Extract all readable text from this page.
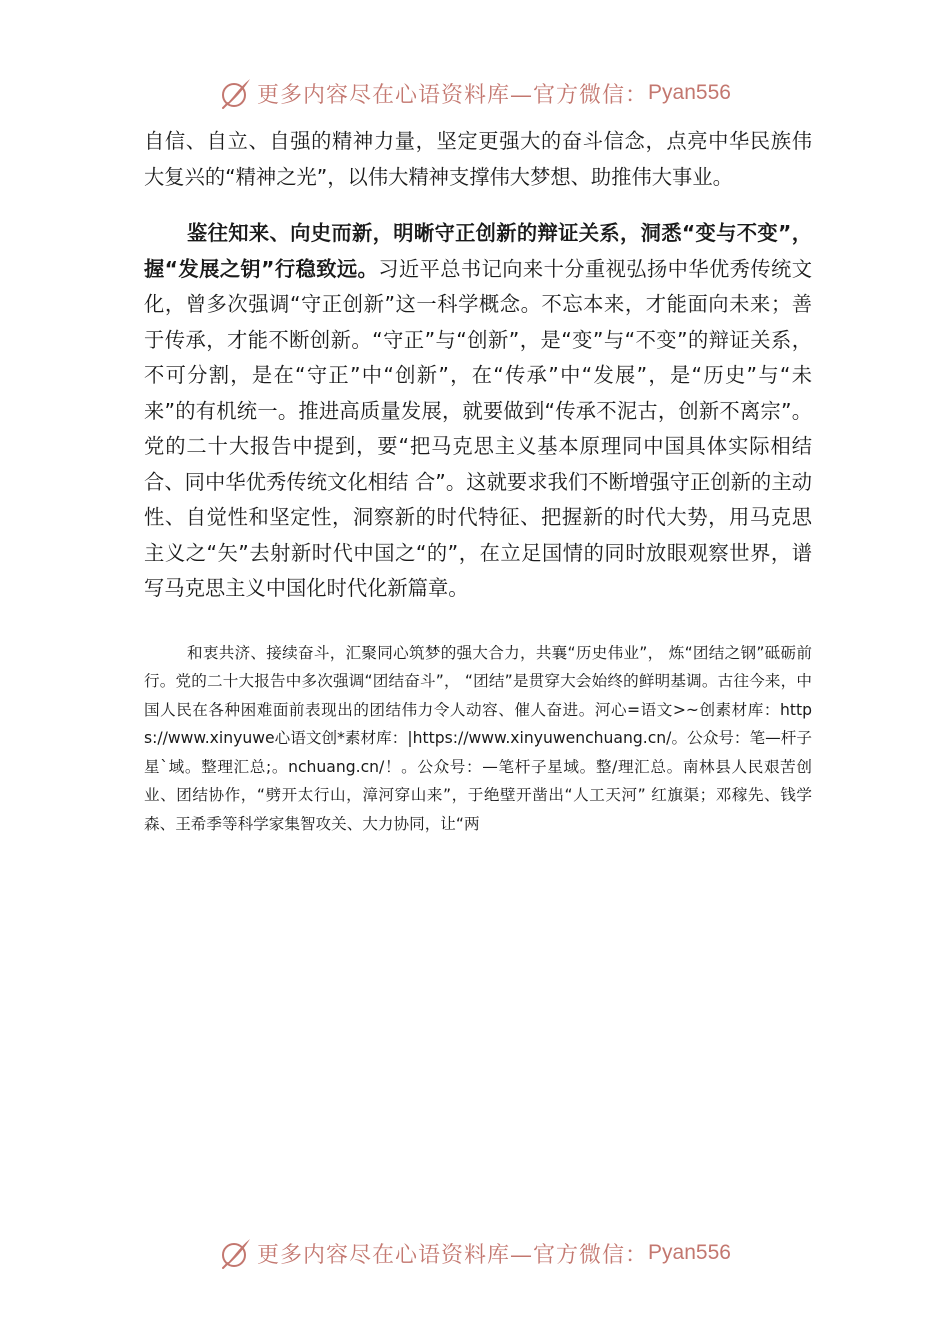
更多内容尽在心语资料库—官方微信： Pyan556

自信、自立、自强的精神力量，坚定更强大的奋斗信念，点亮中华民族伟大复兴的“精神之光”，以伟大精神支撑伟大梦想、助推伟大事业。

鉴往知来、向史而新，明晰守正创新的辩证关系，洞悉“变与不变”，握“发展之钥”行稳致远。习近平总书记向来十分重视弘扬中华优秀传统文化，曾多次强调“守正创新”这一科学概念。不忘本来，才能面向未来；善于传承，才能不断创新。“守正”与“创新”，是“变”与“不变”的辩证关系，不可分割，是在“守正”中“创新”，在“传承”中“发展”，是“历史”与“未来”的有机统一。推进高质量发展，就要做到“传承不泥古，创新不离宗”。党的二十大报告中提到，要“把马克思主义基本原理同中国具体实际相结合、同中华优秀传统文化相结 合”。这就要求我们不断增强守正创新的主动性、自觉性和坚定性，洞察新的时代特征、把握新的时代大势，用马克思主义之“矢”去射新时代中国之“的”，在立足国情的同时放眼观察世界，谱写马克思主义中国化时代化新篇章。

和衷共济、接续奋斗，汇聚同心筑梦的强大合力，共襄“历史伟业”， 炼“团结之钢”砥砺前行。党的二十大报告中多次强调“团结奋斗”， “团结”是贯穿大会始终的鲜明基调。古往今来，中国人民在各种困难面前表现出的团结伟力令人动容、催人奋进。河心=语文>~创素材库：https://www.xinyuwe心语文创*素材库：|https://www.xinyuwenchuang.cn/。公众号：笔—杆子星`域。整理汇总;。nchuang.cn/！。公众号：—笔杆子星域。整/理汇总。南林县人民艰苦创业、团结协作，“劈开太行山，漳河穿山来”，于绝壁开凿出“人工天河” 红旗渠；邓稼先、钱学森、王希季等科学家集智攻关、大力协同，让“两

更多内容尽在心语资料库—官方微信： Pyan556
